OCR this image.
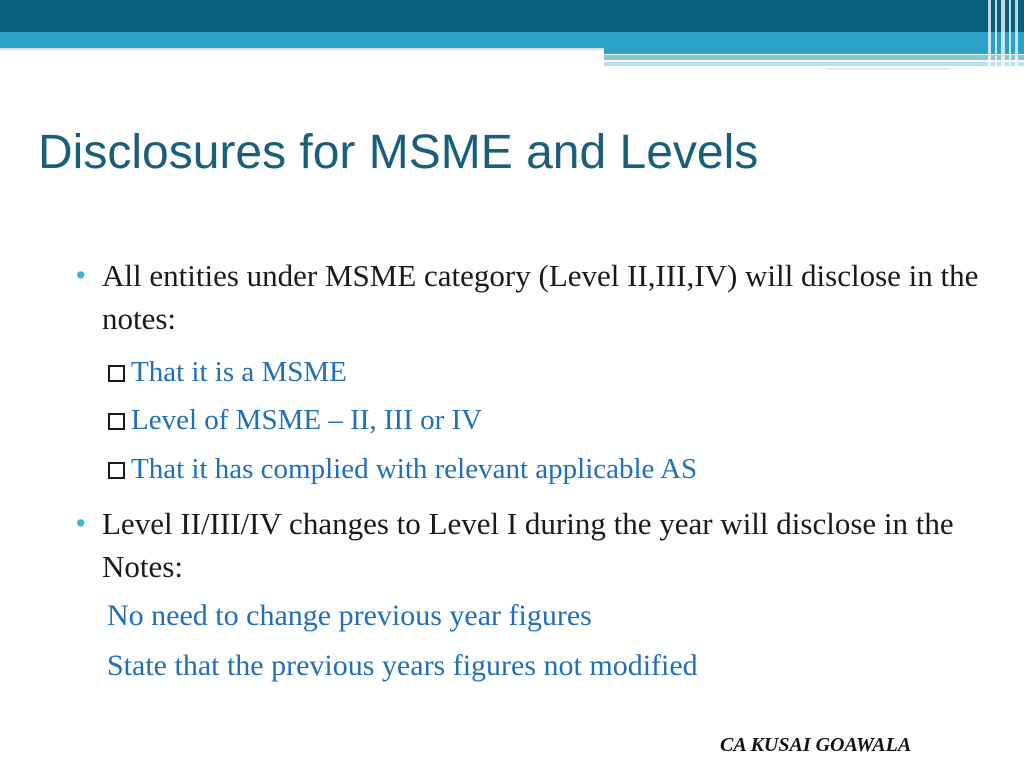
Disclosures for MSME and Levels
• All entities under MSME category (Level II,III,IV) will disclose in the notes:
That it is a MSME
Level of MSME – II, III or IV
That it has complied with relevant applicable AS
• Level II/III/IV changes to Level I during the year will disclose in the Notes:
No need to change previous year figures
State that the previous years figures not modified
CA KUSAI GOAWALA
